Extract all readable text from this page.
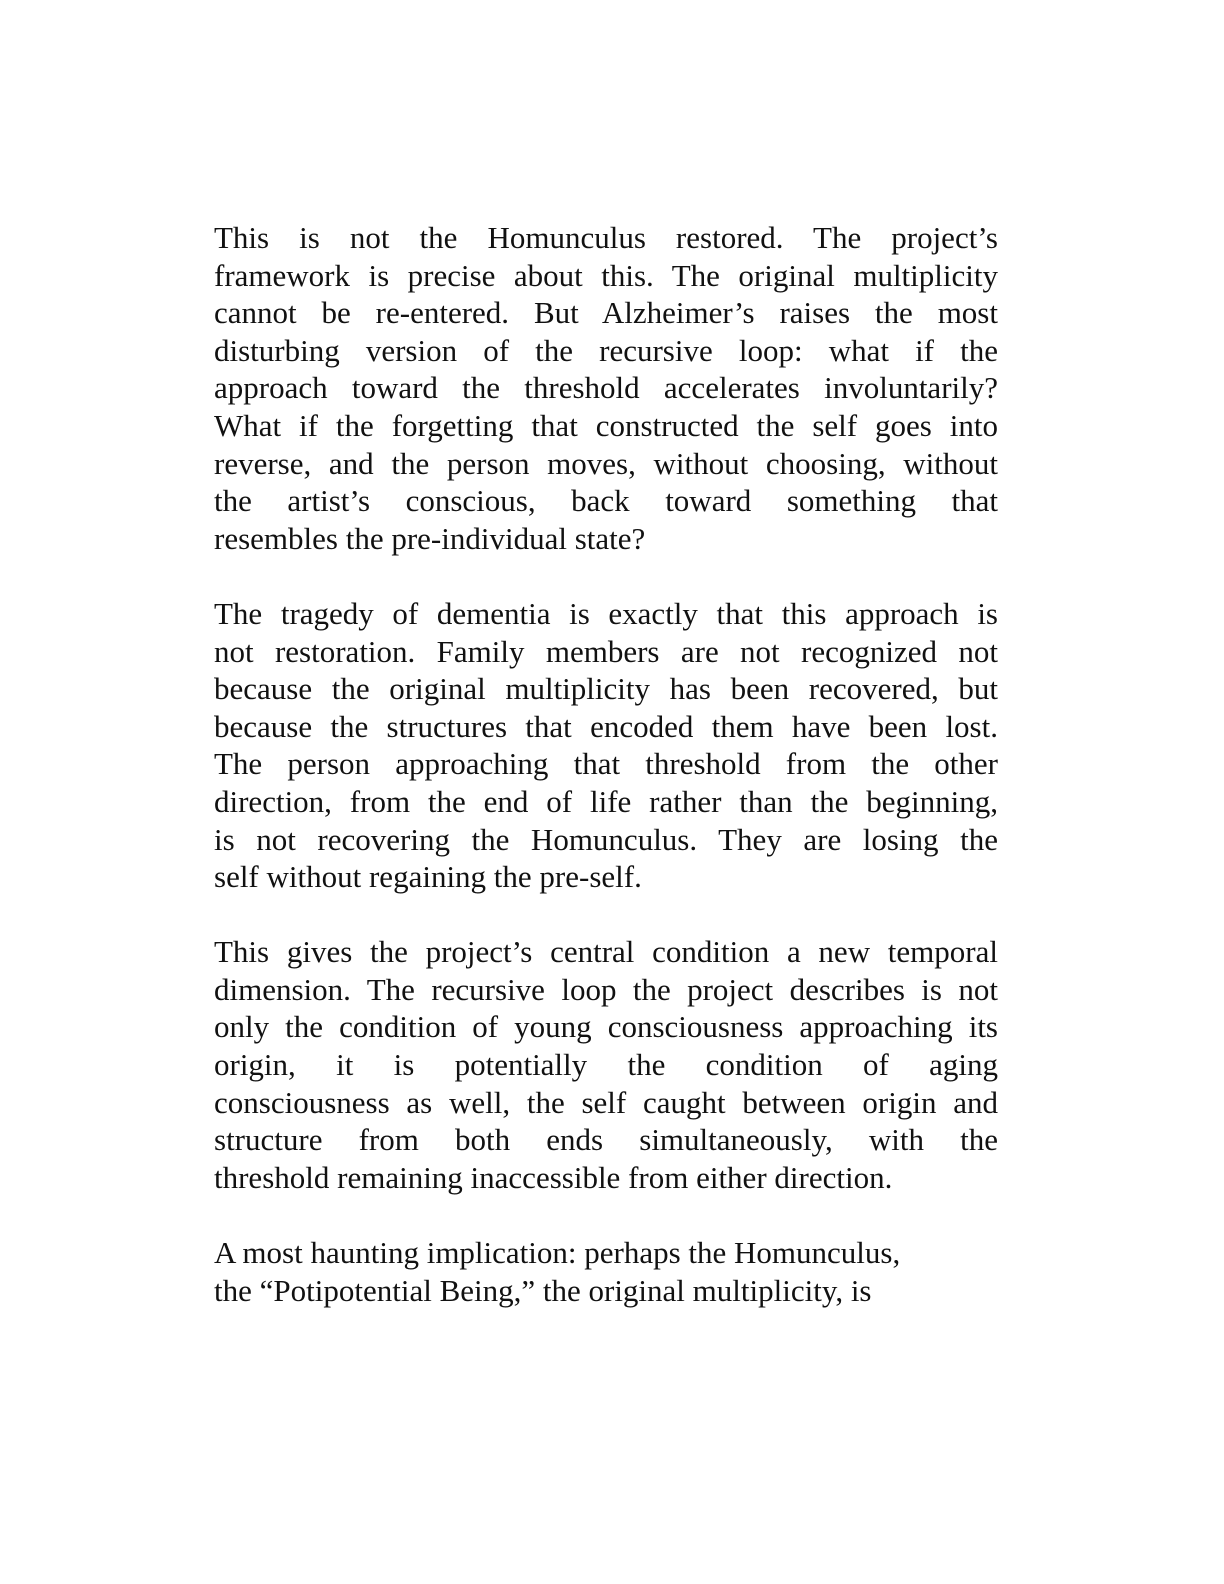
This is not the Homunculus restored. The project’s
framework is precise about this. The original multiplicity
cannot be re-entered. But Alzheimer’s raises the most
disturbing version of the recursive loop: what if the
approach toward the threshold accelerates involuntarily?
What if the forgetting that constructed the self goes into
reverse, and the person moves, without choosing, without
the artist’s conscious, back toward something that
resembles the pre-individual state?
The tragedy of dementia is exactly that this approach is
not restoration. Family members are not recognized not
because the original multiplicity has been recovered, but
because the structures that encoded them have been lost.
The person approaching that threshold from the other
direction, from the end of life rather than the beginning,
is not recovering the Homunculus. They are losing the
self without regaining the pre-self.
This gives the project’s central condition a new temporal
dimension. The recursive loop the project describes is not
only the condition of young consciousness approaching its
origin, it is potentially the condition of aging
consciousness as well, the self caught between origin and
structure from both ends simultaneously, with the
threshold remaining inaccessible from either direction.
A most haunting implication: perhaps the Homunculus,
the “Potipotential Being,” the original multiplicity, is
